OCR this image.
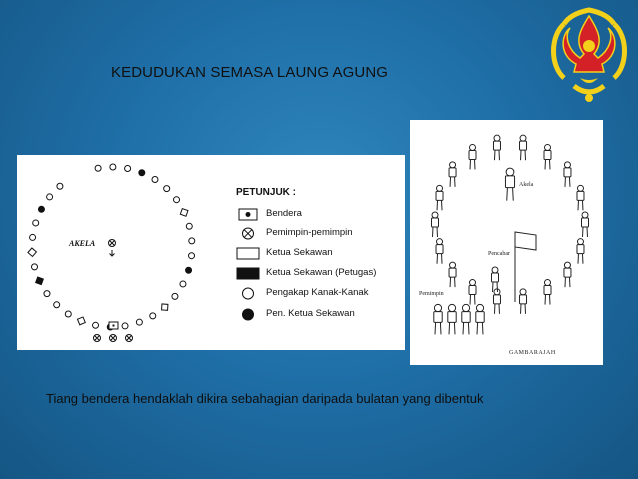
KEDUDUKAN SEMASA LAUNG AGUNG

AKELA
PETUNJUK :
Bendera
Pemimpin-pemimpin
Ketua Sekawan
Ketua Sekawan (Petugas)
Pengakap Kanak-Kanak
Pen. Ketua Sekawan
Akela
Pencabar
Pemimpin
GAMBARAJAH
Tiang bendera hendaklah dikira sebahagian daripada bulatan yang dibentuk
